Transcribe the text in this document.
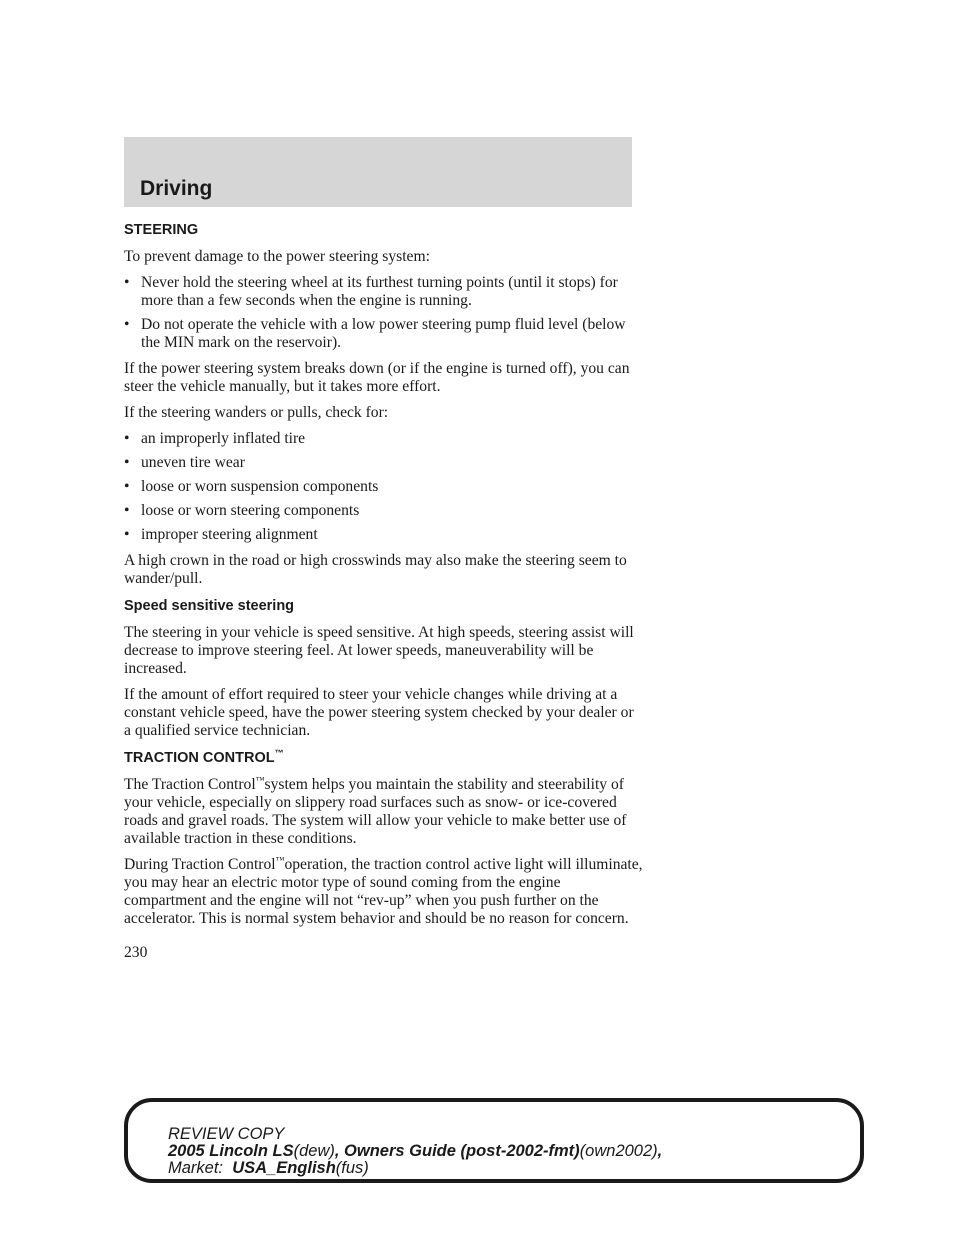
Driving
STEERING

To prevent damage to the power steering system:

• Never hold the steering wheel at its furthest turning points (until it stops) for more than a few seconds when the engine is running.
• Do not operate the vehicle with a low power steering pump fluid level (below the MIN mark on the reservoir).

If the power steering system breaks down (or if the engine is turned off), you can steer the vehicle manually, but it takes more effort.

If the steering wanders or pulls, check for:

• an improperly inflated tire
• uneven tire wear
• loose or worn suspension components
• loose or worn steering components
• improper steering alignment

A high crown in the road or high crosswinds may also make the steering seem to wander/pull.

Speed sensitive steering

The steering in your vehicle is speed sensitive. At high speeds, steering assist will decrease to improve steering feel. At lower speeds, maneuverability will be increased.

If the amount of effort required to steer your vehicle changes while driving at a constant vehicle speed, have the power steering system checked by your dealer or a qualified service technician.

TRACTION CONTROL™

The Traction Control™system helps you maintain the stability and steerability of your vehicle, especially on slippery road surfaces such as snow- or ice-covered roads and gravel roads. The system will allow your vehicle to make better use of available traction in these conditions.

During Traction Control™operation, the traction control active light will illuminate, you may hear an electric motor type of sound coming from the engine compartment and the engine will not “rev-up” when you push further on the accelerator. This is normal system behavior and should be no reason for concern.

230
REVIEW COPY
2005 Lincoln LS(dew), Owners Guide (post-2002-fmt)(own2002),
Market: USA_English(fus)
